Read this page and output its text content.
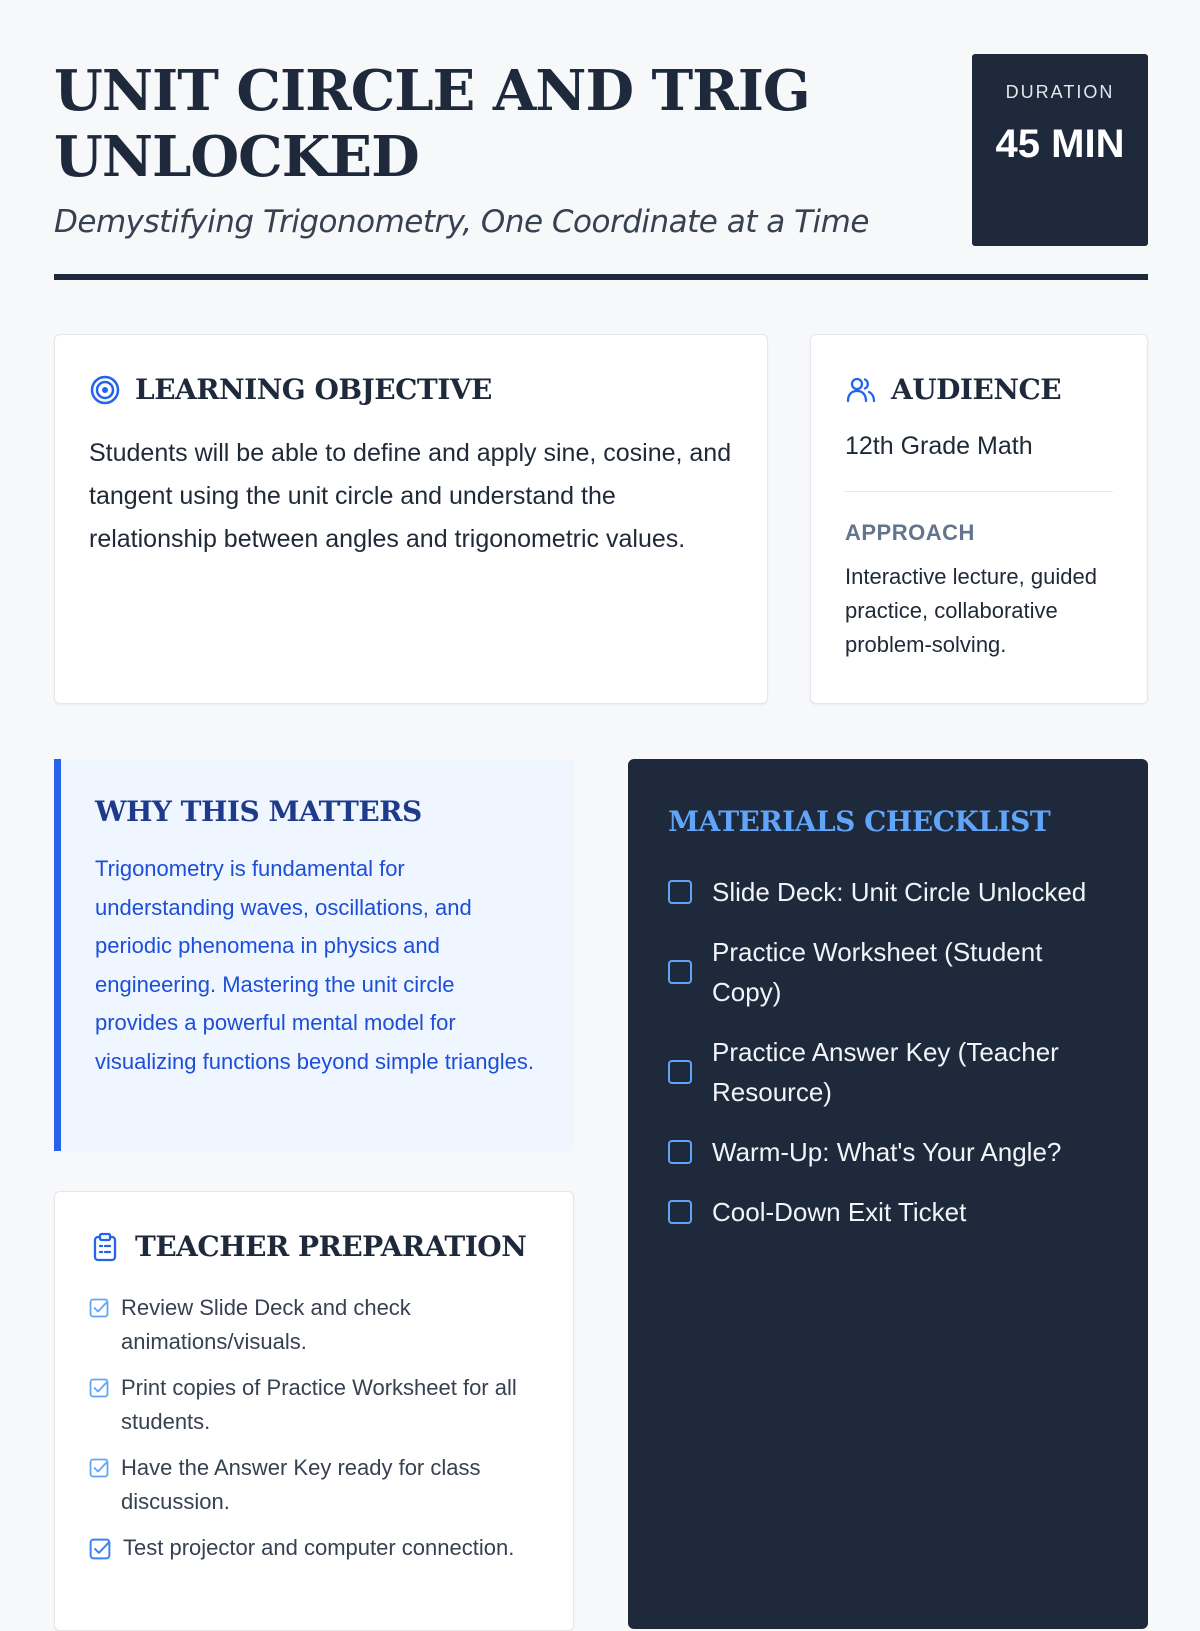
UNIT CIRCLE AND TRIG UNLOCKED

Demystifying Trigonometry, One Coordinate at a Time

DURATION
45 MIN
LEARNING OBJECTIVE

Students will be able to define and apply sine, cosine, and tangent using the unit circle and understand the relationship between angles and trigonometric values.

AUDIENCE
12th Grade Math
APPROACH
Interactive lecture, guided practice, collaborative problem-solving.
WHY THIS MATTERS

Trigonometry is fundamental for understanding waves, oscillations, and periodic phenomena in physics and engineering. Mastering the unit circle provides a powerful mental model for visualizing functions beyond simple triangles.

TEACHER PREPARATION
Review Slide Deck and check animations/visuals.
Print copies of Practice Worksheet for all students.
Have the Answer Key ready for class discussion.
Test projector and computer connection.
MATERIALS CHECKLIST
Slide Deck: Unit Circle Unlocked
Practice Worksheet (Student Copy)
Practice Answer Key (Teacher Resource)
Warm-Up: What's Your Angle?
Cool-Down Exit Ticket
